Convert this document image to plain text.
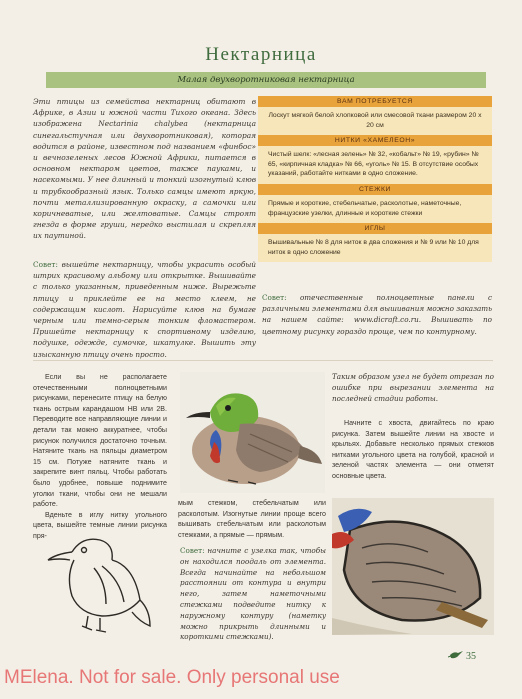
Нектарница
Малая двухворотниковая нектарница
Эти птицы из семейства нектарниц обитают в Африке, в Азии и южной части Тихого океана. Здесь изображена Nectarinia chalybea (нектарница синегальстучная или двухворотниковая), которая водится в районе, известном под названием «финбос» и вечнозеленых лесов Южной Африки, питается в основном нектаром цветов, также пауками, и насекомыми. У нее длинный и тонкий изогнутый клюв и трубкообразный язык. Только самцы имеют яркую, почти металлизированную окраску, а самочки или коричневатые, или желтоватые. Самцы строят гнезда в форме груши, нередко выстилая и скрепляя их паутиной.
Совет: вышейте нектарницу, чтобы украсить особый штрих красивому альбому или открытке. Вышивайте с только указанным, приведенным ниже. Вырежьте птицу и приклейте ее на место клеем, не содержащим кислот. Нарисуйте клюв на бумаге черным или темно-серым тонким фломастером. Пришейте нектарницу к спортивному изделию, подушке, одежде, сумочке, шкатулке. Вышить эту изысканную птицу очень просто.
ВАМ ПОТРЕБУЕТСЯ
Лоскут мягкой белой хлопковой или смесовой ткани размером 20 x 20 см
НИТКИ «ХАМЕЛЕОН»
Чистый шелк: «лесная зелень» № 32, «кобальт» № 19, «рубин» № 65, «кирпичная кладка» № 66, «уголь» № 15. В отсутствие особых указаний, работайте нитками в одно сложение.
СТЕЖКИ
Прямые и короткие, стебельчатые, расколотые, наметочные, французские узелки, длинные и короткие стежки
ИГЛЫ
Вышивальные № 8 для ниток в два сложения и № 9 или № 10 для ниток в одно сложение
Совет: отечественные полноцветные панели с различными элементами для вышивания можно заказать на нашем сайте: www.dicraft.co.ru. Вышивать по цветному рисунку гораздо проще, чем по контурному.

Если вы не располагаете отечественными полноцветными рисунками, перенесите птицу на белую ткань острым карандашом HB или 2B. Переводите все направляющие линии и детали так можно аккуратнее, чтобы рисунок получился достаточно точным. Натяните ткань на пяльцы диаметром 15 см. Потуже натяните ткань и закрепите винт пяльц. Чтобы работать было удобнее, повыше поднимите уголки ткани, чтобы они не мешали работе.

Вденьте в иглу нитку угольного цвета, вышейте темные линии рисунка пря-

мым стежком, стебельчатым или расколотым. Изогнутые линии проще всего вышивать стебельчатым или расколотым стежками, а прямые — прямым.
Совет: начните с узелка так, чтобы он находился поодаль от элемента. Всегда начинайте на небольшом расстоянии от контура и внутри него, затем наметочными стежками подведите нитку к наружному контуру (наметку можно прикрыть длинными и короткими стежками).
Таким образом узел не будет отрезан по ошибке при вырезании элемента на последней стадии работы.

Начните с хвоста, двигайтесь по краю рисунка. Затем вышейте линии на хвосте и крыльях. Добавьте несколько прямых стежков нитками угольного цвета на голубой, красной и зеленой частях элемента — они отметят основные цвета.

35
MElena. Not for sale. Only personal use
